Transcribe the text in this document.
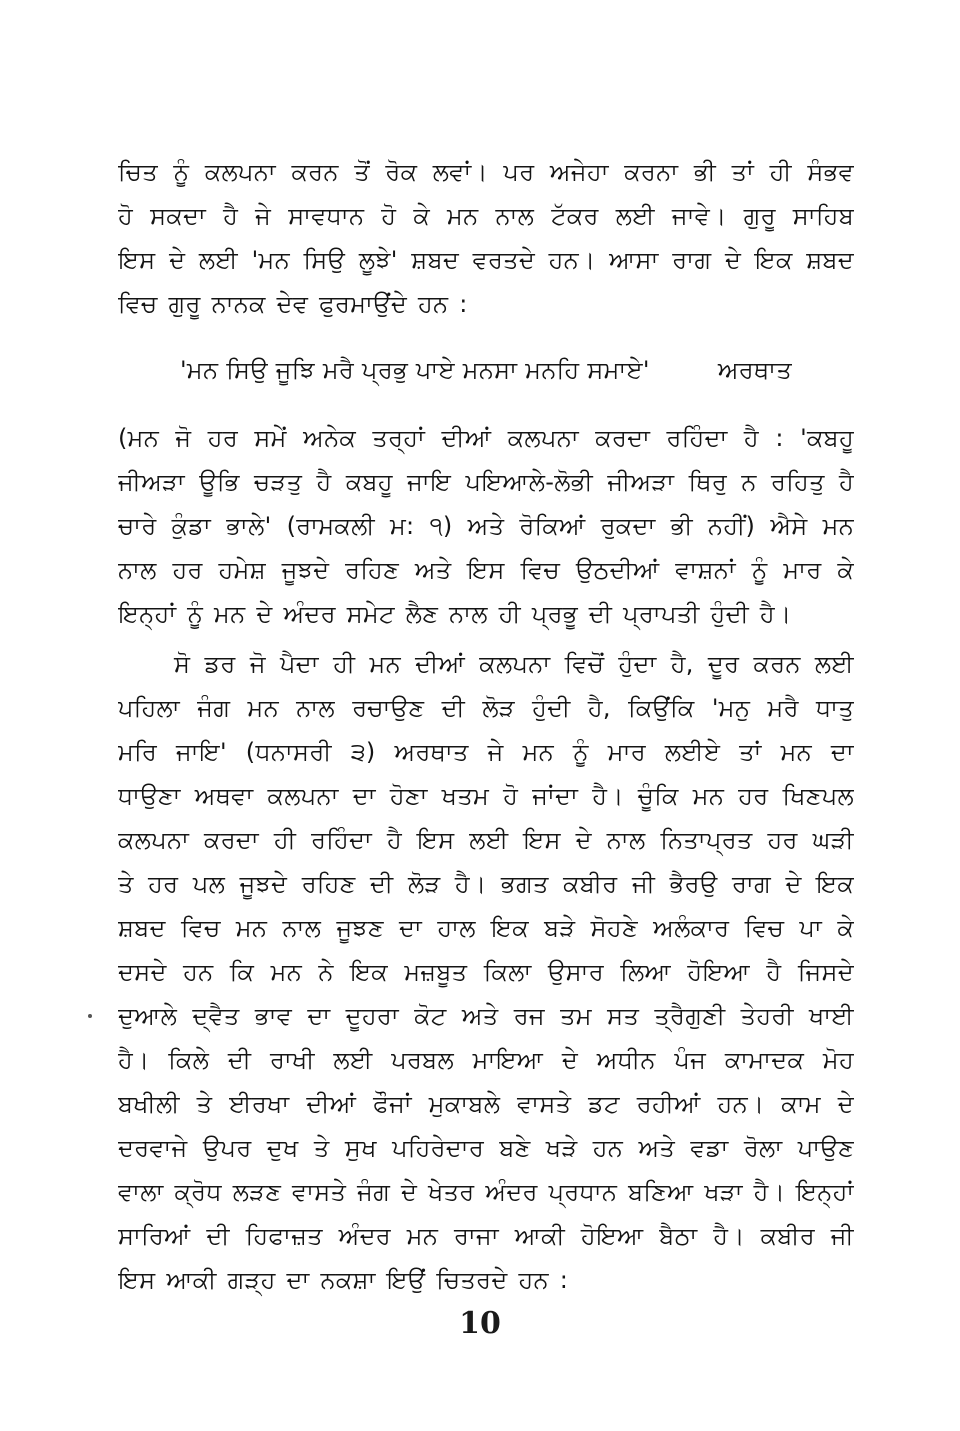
ਚਿਤ ਨੂੰ ਕਲਪਨਾ ਕਰਨ ਤੋਂ ਰੋਕ ਲਵਾਂ। ਪਰ ਅਜੇਹਾ ਕਰਨਾ ਭੀ ਤਾਂ ਹੀ ਸੰਭਵ
ਹੋ ਸਕਦਾ ਹੈ ਜੇ ਸਾਵਧਾਨ ਹੋ ਕੇ ਮਨ ਨਾਲ ਟੱਕਰ ਲਈ ਜਾਵੇ। ਗੁਰੂ ਸਾਹਿਬ
ਇਸ ਦੇ ਲਈ 'ਮਨ ਸਿਉ ਲੂਝੇ' ਸ਼ਬਦ ਵਰਤਦੇ ਹਨ। ਆਸਾ ਰਾਗ ਦੇ ਇਕ ਸ਼ਬਦ
ਵਿਚ ਗੁਰੂ ਨਾਨਕ ਦੇਵ ਫੁਰਮਾਉਂਦੇ ਹਨ :
'ਮਨ ਸਿਉ ਜੂਝਿ ਮਰੈ ਪ੍ਰਭੁ ਪਾਏ ਮਨਸਾ ਮਨਹਿ ਸਮਾਏ'	ਅਰਥਾਤ
(ਮਨ ਜੋ ਹਰ ਸਮੇਂ ਅਨੇਕ ਤਰ੍ਹਾਂ ਦੀਆਂ ਕਲਪਨਾ ਕਰਦਾ ਰਹਿੰਦਾ ਹੈ : 'ਕਬਹੂ
ਜੀਅੜਾ ਊਭਿ ਚੜਤੁ ਹੈ ਕਬਹੂ ਜਾਇ ਪਇਆਲੇ-ਲੋਭੀ ਜੀਅੜਾ ਥਿਰੁ ਨ ਰਹਿਤੁ ਹੈ
ਚਾਰੇ ਕੁੰਡਾ ਭਾਲੇ' (ਰਾਮਕਲੀ ਮ: ੧) ਅਤੇ ਰੋਕਿਆਂ ਰੁਕਦਾ ਭੀ ਨਹੀਂ) ਐਸੇ ਮਨ
ਨਾਲ ਹਰ ਹਮੇਸ਼ ਜੂਝਦੇ ਰਹਿਣ ਅਤੇ ਇਸ ਵਿਚ ਉਠਦੀਆਂ ਵਾਸ਼ਨਾਂ ਨੂੰ ਮਾਰ ਕੇ
ਇਨ੍ਹਾਂ ਨੂੰ ਮਨ ਦੇ ਅੰਦਰ ਸਮੇਟ ਲੈਣ ਨਾਲ ਹੀ ਪ੍ਰਭੂ ਦੀ ਪ੍ਰਾਪਤੀ ਹੁੰਦੀ ਹੈ।
ਸੋ ਡਰ ਜੋ ਪੈਦਾ ਹੀ ਮਨ ਦੀਆਂ ਕਲਪਨਾ ਵਿਚੋਂ ਹੁੰਦਾ ਹੈ, ਦੂਰ ਕਰਨ ਲਈ
ਪਹਿਲਾ ਜੰਗ ਮਨ ਨਾਲ ਰਚਾਉਣ ਦੀ ਲੋੜ ਹੁੰਦੀ ਹੈ, ਕਿਉਂਕਿ 'ਮਨੁ ਮਰੈ ਧਾਤੁ
ਮਰਿ ਜਾਇ' (ਧਨਾਸਰੀ ੩) ਅਰਥਾਤ ਜੇ ਮਨ ਨੂੰ ਮਾਰ ਲਈਏ ਤਾਂ ਮਨ ਦਾ
ਧਾਉਣਾ ਅਥਵਾ ਕਲਪਨਾ ਦਾ ਹੋਣਾ ਖਤਮ ਹੋ ਜਾਂਦਾ ਹੈ। ਚੂੰਕਿ ਮਨ ਹਰ ਖਿਣਪਲ
ਕਲਪਨਾ ਕਰਦਾ ਹੀ ਰਹਿੰਦਾ ਹੈ ਇਸ ਲਈ ਇਸ ਦੇ ਨਾਲ ਨਿਤਾਪ੍ਰਤ ਹਰ ਘੜੀ
ਤੇ ਹਰ ਪਲ ਜੂਝਦੇ ਰਹਿਣ ਦੀ ਲੋੜ ਹੈ। ਭਗਤ ਕਬੀਰ ਜੀ ਭੈਰਉ ਰਾਗ ਦੇ ਇਕ
ਸ਼ਬਦ ਵਿਚ ਮਨ ਨਾਲ ਜੂਝਣ ਦਾ ਹਾਲ ਇਕ ਬੜੇ ਸੋਹਣੇ ਅਲੰਕਾਰ ਵਿਚ ਪਾ ਕੇ
ਦਸਦੇ ਹਨ ਕਿ ਮਨ ਨੇ ਇਕ ਮਜ਼ਬੂਤ ਕਿਲਾ ਉਸਾਰ ਲਿਆ ਹੋਇਆ ਹੈ ਜਿਸਦੇ
ਦੁਆਲੇ ਦ੍ਵੈਤ ਭਾਵ ਦਾ ਦੂਹਰਾ ਕੋਟ ਅਤੇ ਰਜ ਤਮ ਸਤ ਤ੍ਰੈਗੁਣੀ ਤੇਹਰੀ ਖਾਈ
ਹੈ। ਕਿਲੇ ਦੀ ਰਾਖੀ ਲਈ ਪਰਬਲ ਮਾਇਆ ਦੇ ਅਧੀਨ ਪੰਜ ਕਾਮਾਦਕ ਮੋਹ
ਬਖੀਲੀ ਤੇ ਈਰਖਾ ਦੀਆਂ ਫੌਜਾਂ ਮੁਕਾਬਲੇ ਵਾਸਤੇ ਡਟ ਰਹੀਆਂ ਹਨ। ਕਾਮ ਦੇ
ਦਰਵਾਜੇ ਉਪਰ ਦੁਖ ਤੇ ਸੁਖ ਪਹਿਰੇਦਾਰ ਬਣੇ ਖੜੇ ਹਨ ਅਤੇ ਵਡਾ ਰੋਲਾ ਪਾਉਣ
ਵਾਲਾ ਕ੍ਰੋਧ ਲੜਣ ਵਾਸਤੇ ਜੰਗ ਦੇ ਖੇਤਰ ਅੰਦਰ ਪ੍ਰਧਾਨ ਬਣਿਆ ਖੜਾ ਹੈ। ਇਨ੍ਹਾਂ
ਸਾਰਿਆਂ ਦੀ ਹਿਫਾਜ਼ਤ ਅੰਦਰ ਮਨ ਰਾਜਾ ਆਕੀ ਹੋਇਆ ਬੈਠਾ ਹੈ। ਕਬੀਰ ਜੀ
ਇਸ ਆਕੀ ਗੜ੍ਹ ਦਾ ਨਕਸ਼ਾ ਇਉਂ ਚਿਤਰਦੇ ਹਨ :
10
